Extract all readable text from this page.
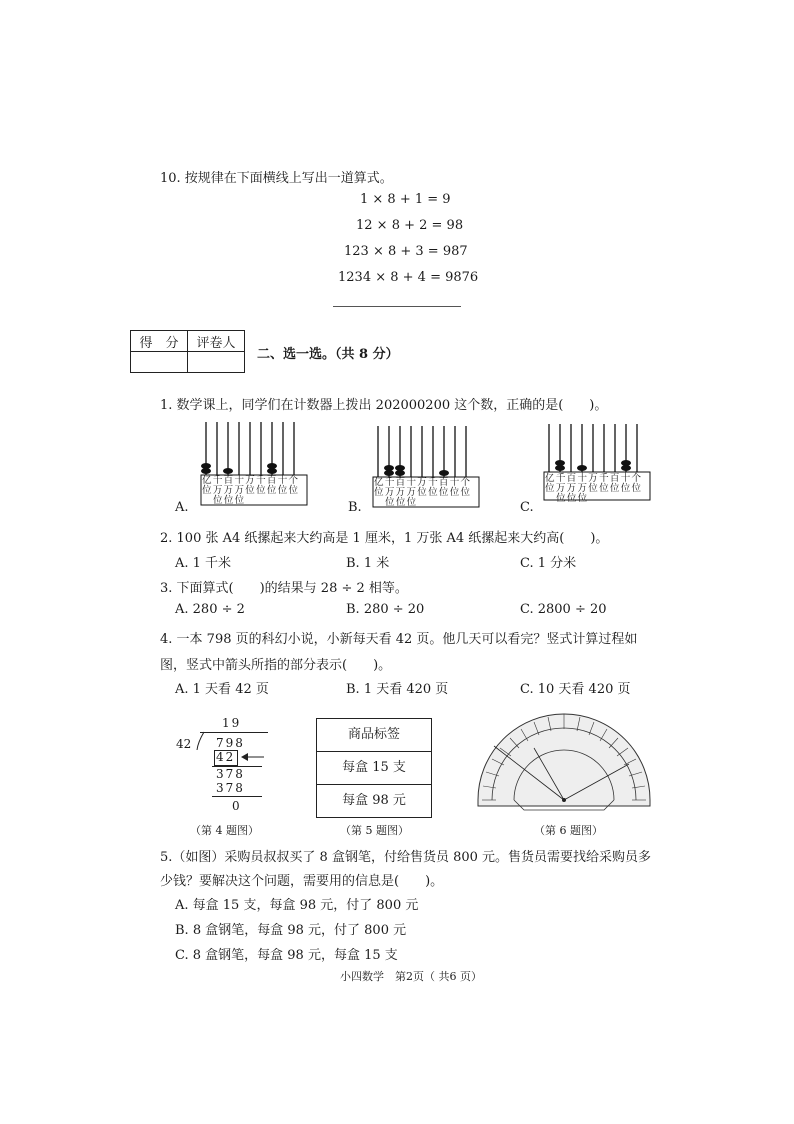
10. 按规律在下面横线上写出一道算式。
1 × 8 + 1 = 9
12 × 8 + 2 = 98
123 × 8 + 3 = 987
1234 × 8 + 4 = 9876
得　分	评卷人

二、选一选。（共 8 分）
1. 数学课上，同学们在计数器上拨出 202000200 这个数，正确的是(　　)。
亿千百十万千百十个
位万万万位位位位位
位位位
A.
亿千百十万千百十个
位万万万位位位位位
位位位
B.
亿千百十万千百十个
位万万万位位位位位
位位位
C.
2. 100 张 A4 纸摞起来大约高是 1 厘米，1 万张 A4 纸摞起来大约高(　　)。
A. 1 千米	B. 1 米	C. 1 分米
3. 下面算式(　　)的结果与 28 ÷ 2 相等。
A. 280 ÷ 2	B. 280 ÷ 20	C. 2800 ÷ 20
4. 一本 798 页的科幻小说，小新每天看 42 页。他几天可以看完？竖式计算过程如
图，竖式中箭头所指的部分表示(　　)。
A. 1 天看 42 页	B. 1 天看 420 页	C. 10 天看 420 页
19
42 798
42
378
378
0
（第 4 题图）
商品标签
每盒 15 支
每盒 98 元
（第 5 题图）	（第 6 题图）
5.（如图）采购员叔叔买了 8 盒钢笔，付给售货员 800 元。售货员需要找给采购员多
少钱？要解决这个问题，需要用的信息是(　　)。
A. 每盒 15 支，每盒 98 元，付了 800 元
B. 8 盒钢笔，每盒 98 元，付了 800 元
C. 8 盒钢笔，每盒 98 元，每盒 15 支
小四数学　第2页（ 共6 页）
